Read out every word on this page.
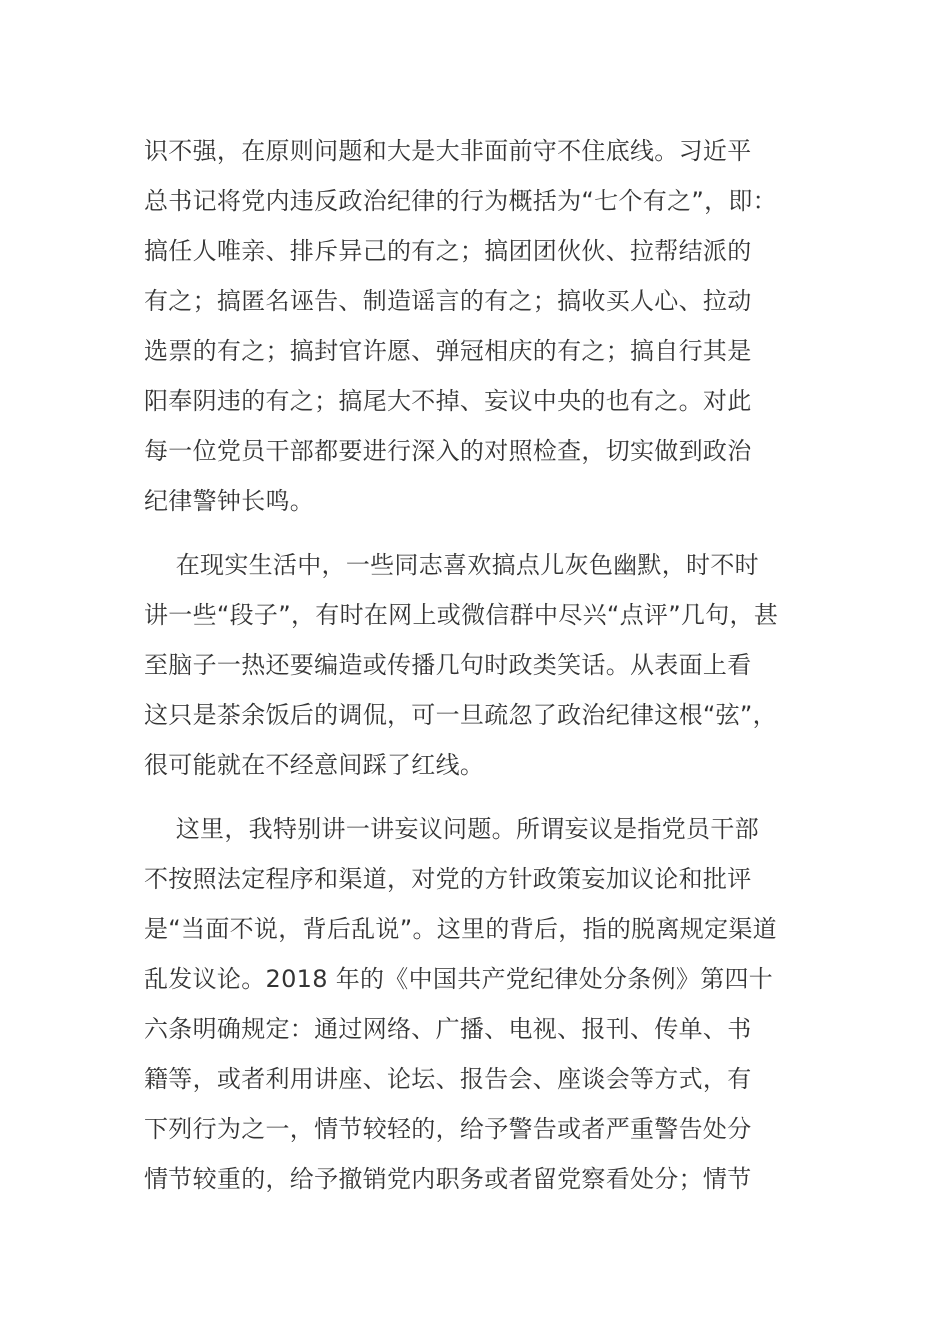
识不强，在原则问题和大是大非面前守不住底线。习近平
总书记将党内违反政治纪律的行为概括为“七个有之”，即：
搞任人唯亲、排斥异己的有之；搞团团伙伙、拉帮结派的
有之；搞匿名诬告、制造谣言的有之；搞收买人心、拉动
选票的有之；搞封官许愿、弹冠相庆的有之；搞自行其是
阳奉阴违的有之；搞尾大不掉、妄议中央的也有之。对此
每一位党员干部都要进行深入的对照检查，切实做到政治
纪律警钟长鸣。
在现实生活中，一些同志喜欢搞点儿灰色幽默，时不时
讲一些“段子”，有时在网上或微信群中尽兴“点评”几句，甚
至脑子一热还要编造或传播几句时政类笑话。从表面上看
这只是茶余饭后的调侃，可一旦疏忽了政治纪律这根“弦”，
很可能就在不经意间踩了红线。
这里，我特别讲一讲妄议问题。所谓妄议是指党员干部
不按照法定程序和渠道，对党的方针政策妄加议论和批评
是“当面不说，背后乱说”。这里的背后，指的脱离规定渠道
乱发议论。2018 年的《中国共产党纪律处分条例》第四十
六条明确规定：通过网络、广播、电视、报刊、传单、书
籍等，或者利用讲座、论坛、报告会、座谈会等方式，有
下列行为之一，情节较轻的，给予警告或者严重警告处分
情节较重的，给予撤销党内职务或者留党察看处分；情节
